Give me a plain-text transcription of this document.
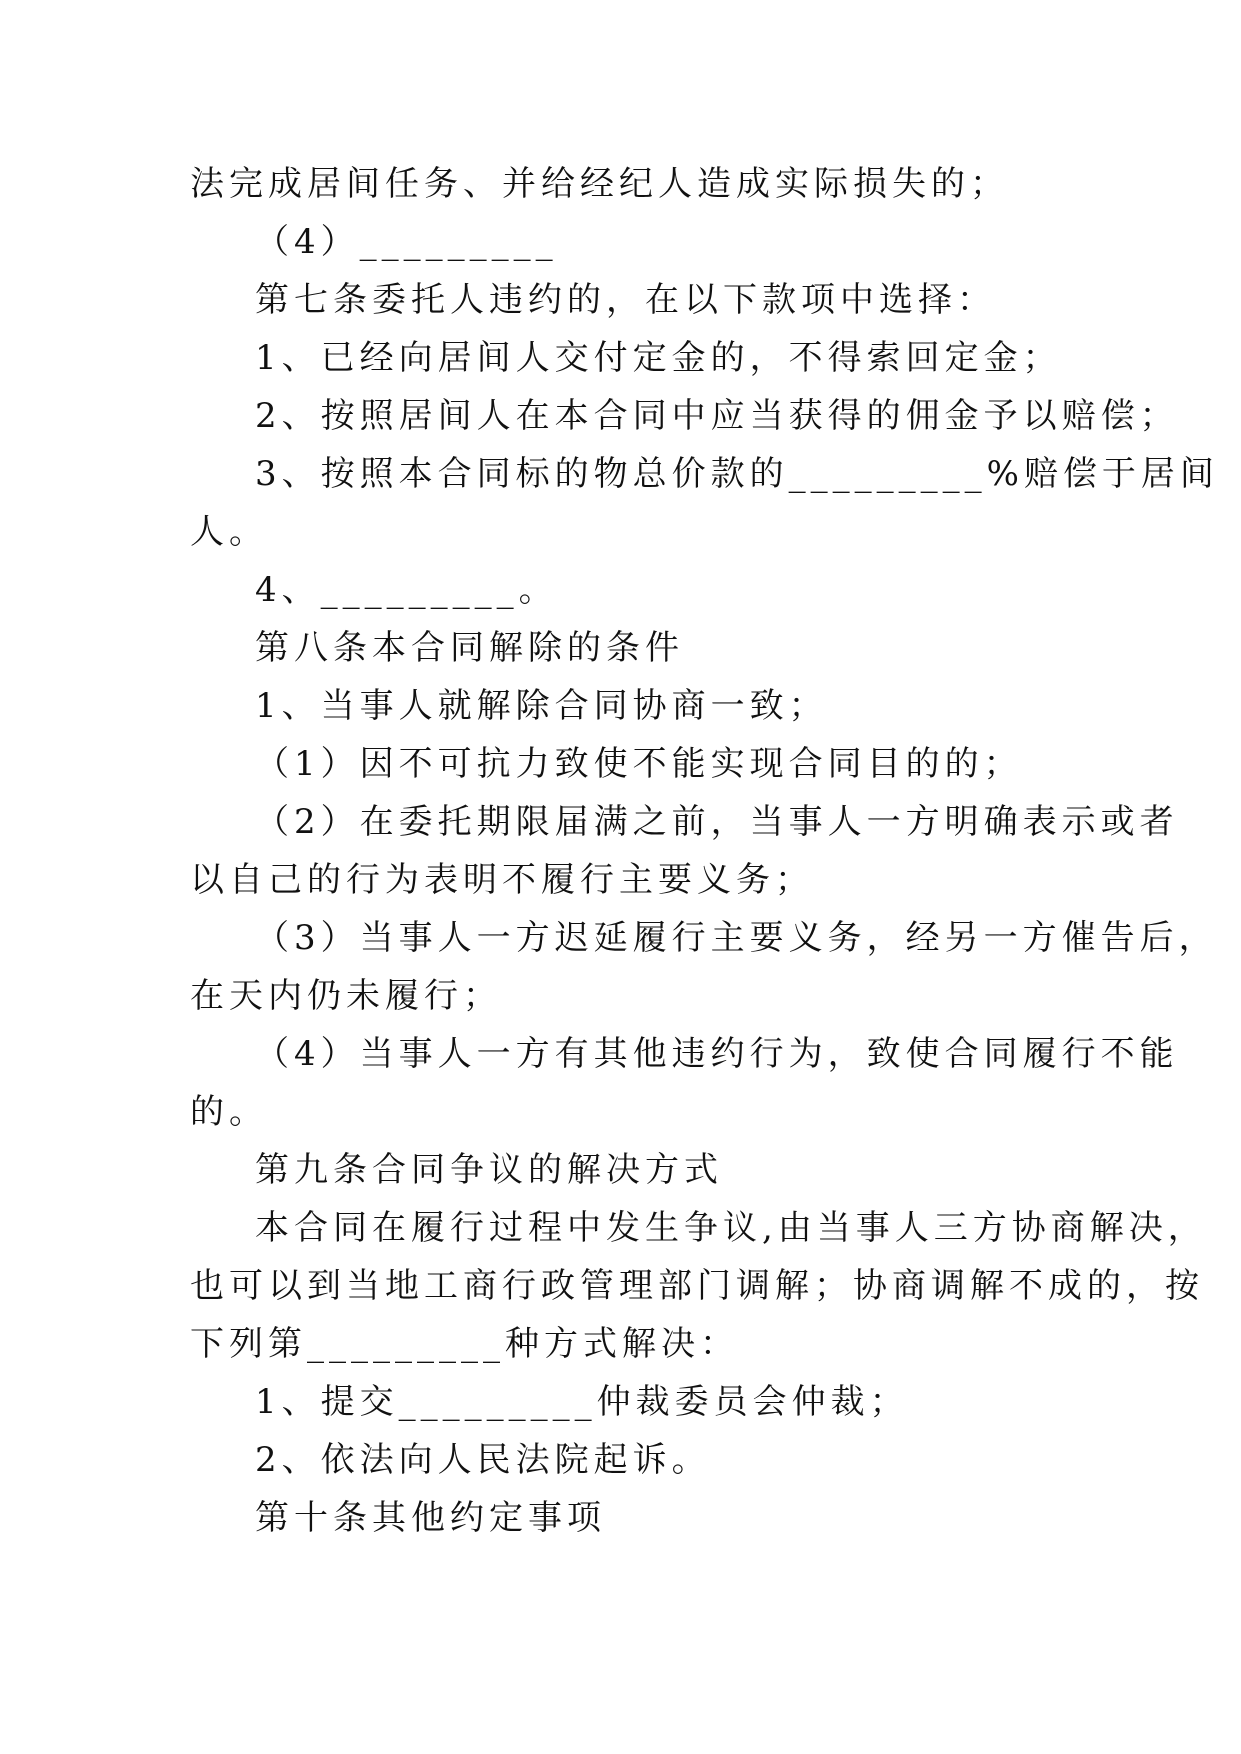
法完成居间任务、并给经纪人造成实际损失的；
（4）_________
第七条委托人违约的，在以下款项中选择：
1、已经向居间人交付定金的，不得索回定金；
2、按照居间人在本合同中应当获得的佣金予以赔偿；
3、按照本合同标的物总价款的_________%赔偿于居间
人。
4、_________。
第八条本合同解除的条件
1、当事人就解除合同协商一致；
（1）因不可抗力致使不能实现合同目的的；
（2）在委托期限届满之前，当事人一方明确表示或者
以自己的行为表明不履行主要义务；
（3）当事人一方迟延履行主要义务，经另一方催告后，
在天内仍未履行；
（4）当事人一方有其他违约行为，致使合同履行不能
的。
第九条合同争议的解决方式
本合同在履行过程中发生争议,由当事人三方协商解决，
也可以到当地工商行政管理部门调解；协商调解不成的，按
下列第_________种方式解决：
1、提交_________仲裁委员会仲裁；
2、依法向人民法院起诉。
第十条其他约定事项
